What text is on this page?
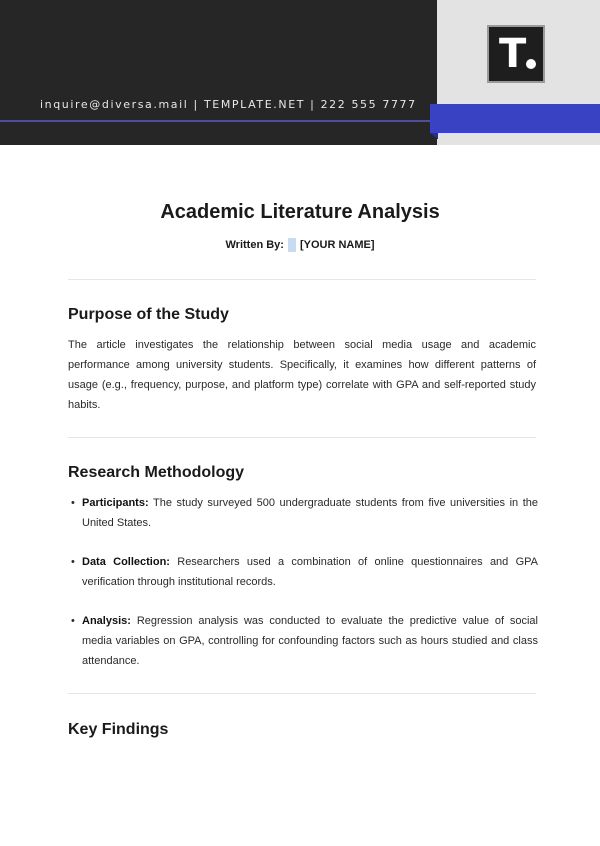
inquire@diversa.mail | TEMPLATE.NET | 222 555 7777
T
Academic Literature Analysis
Written By: [YOUR NAME]
Purpose of the Study
The article investigates the relationship between social media usage and academic performance among university students. Specifically, it examines how different patterns of usage (e.g., frequency, purpose, and platform type) correlate with GPA and self-reported study habits.
Research Methodology
• Participants: The study surveyed 500 undergraduate students from five universities in the United States.
• Data Collection: Researchers used a combination of online questionnaires and GPA verification through institutional records.
• Analysis: Regression analysis was conducted to evaluate the predictive value of social media variables on GPA, controlling for confounding factors such as hours studied and class attendance.
Key Findings
